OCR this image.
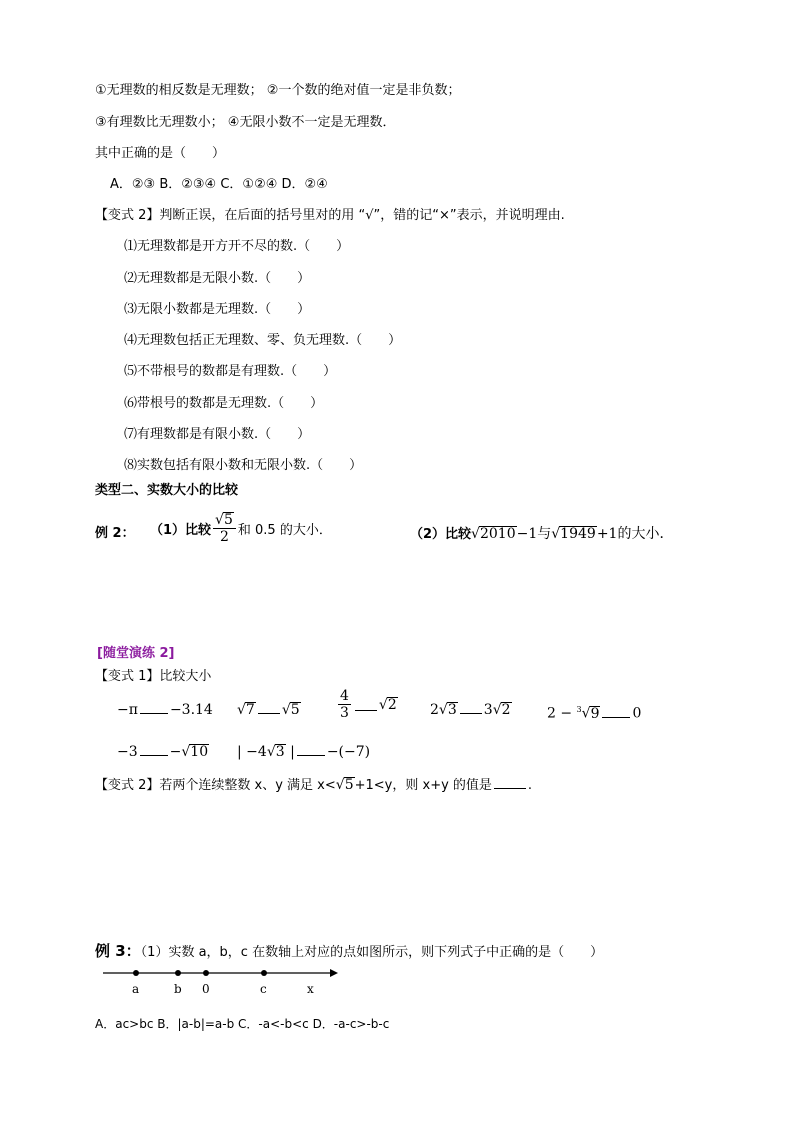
①无理数的相反数是无理数； ②一个数的绝对值一定是非负数；
③有理数比无理数小； ④无限小数不一定是无理数．
其中正确的是（　　）
A．②③ B．②③④ C．①②④ D．②④
【变式 2】判断正误，在后面的括号里对的用 “√”，错的记“×”表示，并说明理由.
⑴无理数都是开方开不尽的数.（　　）
⑵无理数都是无限小数.（　　）
⑶无限小数都是无理数.（　　）
⑷无理数包括正无理数、零、负无理数.（　　）
⑸不带根号的数都是有理数.（　　）
⑹带根号的数都是无理数.（　　）
⑺有理数都是有限小数.（　　）
⑻实数包括有限小数和无限小数.（　　）
类型二、实数大小的比较
例 2： （1）比较 $\frac{√5}{2}$ 和 0.5 的大小．	（2）比较√2010−1与√1949+1的大小．
[随堂演练 2]
【变式 1】比较大小
−π −3.14 √7 √5	$\frac{4}{3}$ √ 2 2√3 3√2	2 − $^3$√9 0
−3 −√10 | −4√3 | −(−7)
【变式 2】若两个连续整数 x、y 满足 x<√5+1<y，则 x+y 的值是	.
例 3：（1）实数 a，b，c 在数轴上对应的点如图所示，则下列式子中正确的是（　　）
a	b 0	c	x
A．ac>bc B．|a-b|=a-b C．-a<-b<c D．-a-c>-b-c
